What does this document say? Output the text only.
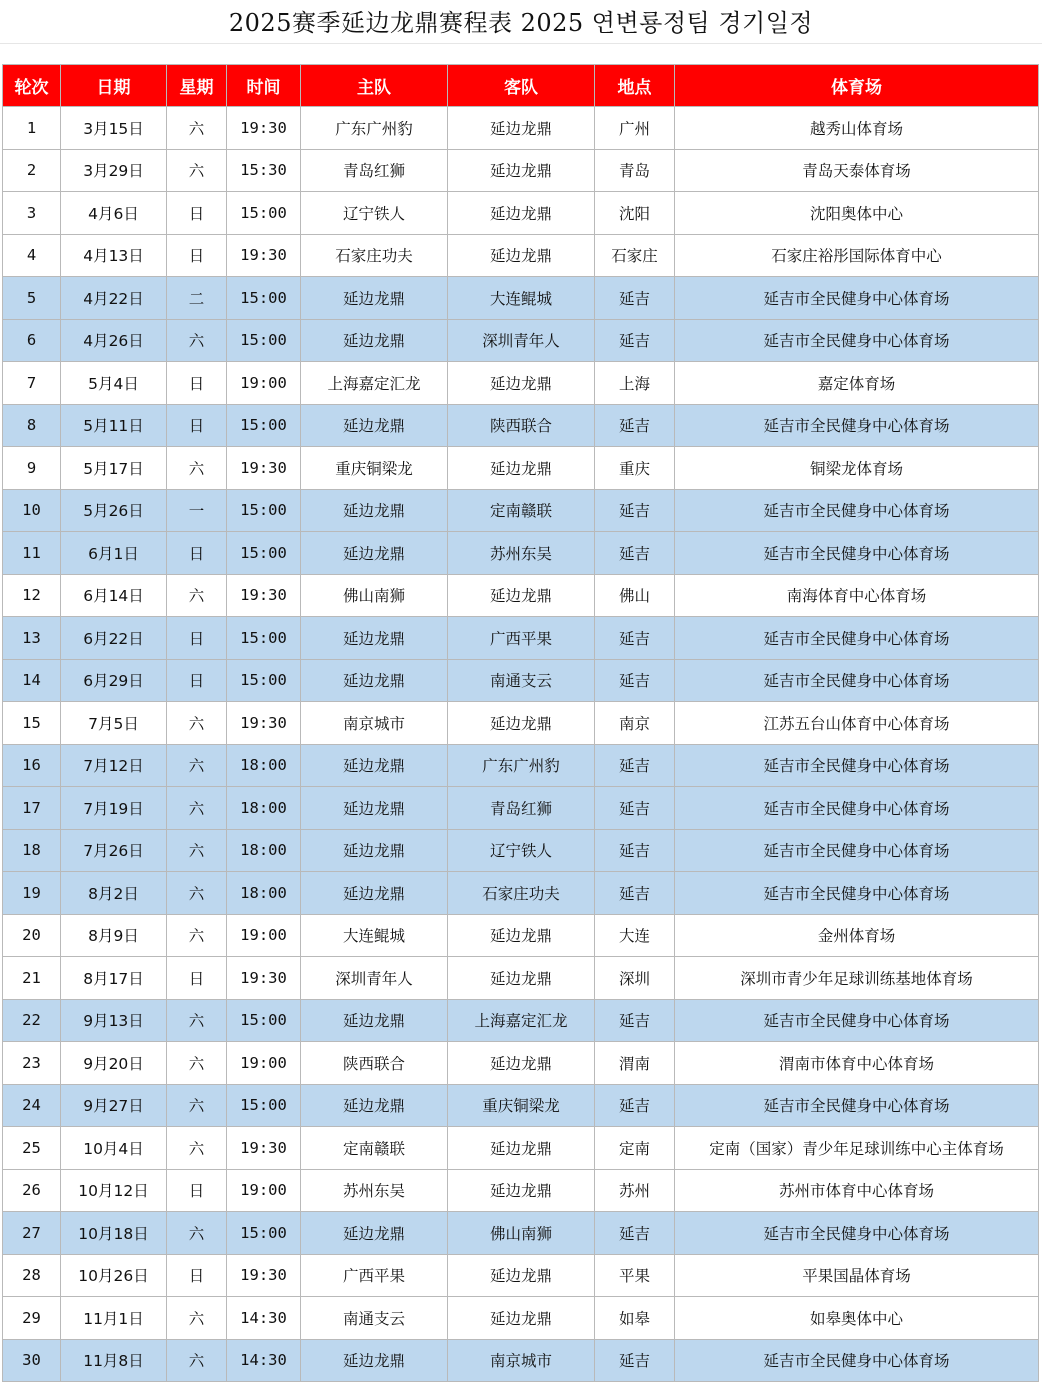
2025赛季延边龙鼎赛程表 2025 연변룡정팀 경기일정
轮次	日期	星期	时间	主队	客队	地点	体育场
1	3月15日	六	19:30	广东广州豹	延边龙鼎	广州	越秀山体育场
2	3月29日	六	15:30	青岛红狮	延边龙鼎	青岛	青岛天泰体育场
3	4月6日	日	15:00	辽宁铁人	延边龙鼎	沈阳	沈阳奥体中心
4	4月13日	日	19:30	石家庄功夫	延边龙鼎	石家庄	石家庄裕彤国际体育中心
5	4月22日	二	15:00	延边龙鼎	大连鲲城	延吉	延吉市全民健身中心体育场
6	4月26日	六	15:00	延边龙鼎	深圳青年人	延吉	延吉市全民健身中心体育场
7	5月4日	日	19:00	上海嘉定汇龙	延边龙鼎	上海	嘉定体育场
8	5月11日	日	15:00	延边龙鼎	陕西联合	延吉	延吉市全民健身中心体育场
9	5月17日	六	19:30	重庆铜梁龙	延边龙鼎	重庆	铜梁龙体育场
10	5月26日	一	15:00	延边龙鼎	定南赣联	延吉	延吉市全民健身中心体育场
11	6月1日	日	15:00	延边龙鼎	苏州东吴	延吉	延吉市全民健身中心体育场
12	6月14日	六	19:30	佛山南狮	延边龙鼎	佛山	南海体育中心体育场
13	6月22日	日	15:00	延边龙鼎	广西平果	延吉	延吉市全民健身中心体育场
14	6月29日	日	15:00	延边龙鼎	南通支云	延吉	延吉市全民健身中心体育场
15	7月5日	六	19:30	南京城市	延边龙鼎	南京	江苏五台山体育中心体育场
16	7月12日	六	18:00	延边龙鼎	广东广州豹	延吉	延吉市全民健身中心体育场
17	7月19日	六	18:00	延边龙鼎	青岛红狮	延吉	延吉市全民健身中心体育场
18	7月26日	六	18:00	延边龙鼎	辽宁铁人	延吉	延吉市全民健身中心体育场
19	8月2日	六	18:00	延边龙鼎	石家庄功夫	延吉	延吉市全民健身中心体育场
20	8月9日	六	19:00	大连鲲城	延边龙鼎	大连	金州体育场
21	8月17日	日	19:30	深圳青年人	延边龙鼎	深圳	深圳市青少年足球训练基地体育场
22	9月13日	六	15:00	延边龙鼎	上海嘉定汇龙	延吉	延吉市全民健身中心体育场
23	9月20日	六	19:00	陕西联合	延边龙鼎	渭南	渭南市体育中心体育场
24	9月27日	六	15:00	延边龙鼎	重庆铜梁龙	延吉	延吉市全民健身中心体育场
25	10月4日	六	19:30	定南赣联	延边龙鼎	定南	定南（国家）青少年足球训练中心主体育场
26	10月12日	日	19:00	苏州东吴	延边龙鼎	苏州	苏州市体育中心体育场
27	10月18日	六	15:00	延边龙鼎	佛山南狮	延吉	延吉市全民健身中心体育场
28	10月26日	日	19:30	广西平果	延边龙鼎	平果	平果国晶体育场
29	11月1日	六	14:30	南通支云	延边龙鼎	如皋	如皋奥体中心
30	11月8日	六	14:30	延边龙鼎	南京城市	延吉	延吉市全民健身中心体育场
